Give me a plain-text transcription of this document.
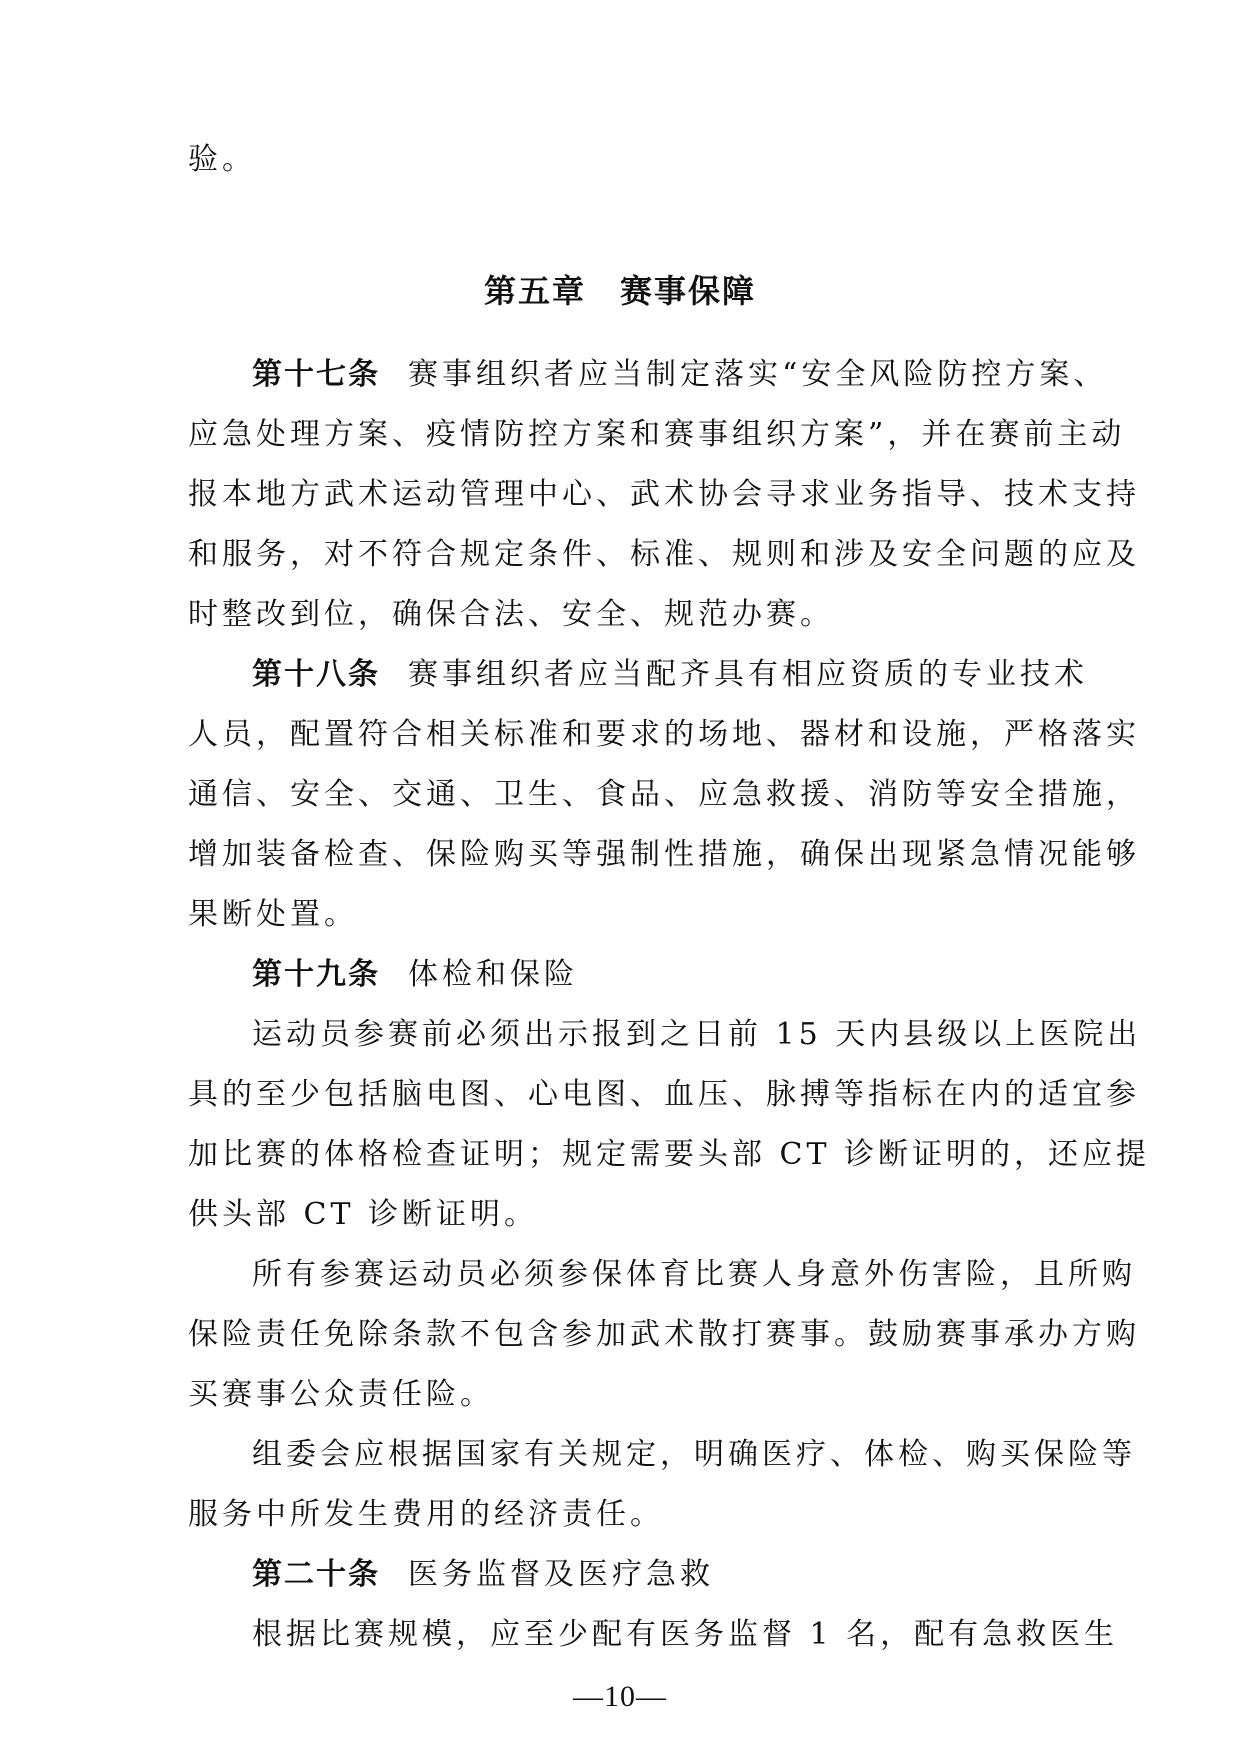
验。
第五章　赛事保障
第十七条 赛事组织者应当制定落实“安全风险防控方案、
应急处理方案、疫情防控方案和赛事组织方案”，并在赛前主动
报本地方武术运动管理中心、武术协会寻求业务指导、技术支持
和服务，对不符合规定条件、标准、规则和涉及安全问题的应及
时整改到位，确保合法、安全、规范办赛。
第十八条 赛事组织者应当配齐具有相应资质的专业技术
人员，配置符合相关标准和要求的场地、器材和设施，严格落实
通信、安全、交通、卫生、食品、应急救援、消防等安全措施，
增加装备检查、保险购买等强制性措施，确保出现紧急情况能够
果断处置。
第十九条 体检和保险
运动员参赛前必须出示报到之日前 15 天内县级以上医院出
具的至少包括脑电图、心电图、血压、脉搏等指标在内的适宜参
加比赛的体格检查证明；规定需要头部 CT 诊断证明的，还应提
供头部 CT 诊断证明。
所有参赛运动员必须参保体育比赛人身意外伤害险，且所购
保险责任免除条款不包含参加武术散打赛事。鼓励赛事承办方购
买赛事公众责任险。
组委会应根据国家有关规定，明确医疗、体检、购买保险等
服务中所发生费用的经济责任。
第二十条 医务监督及医疗急救
根据比赛规模，应至少配有医务监督 1 名，配有急救医生
—10—
